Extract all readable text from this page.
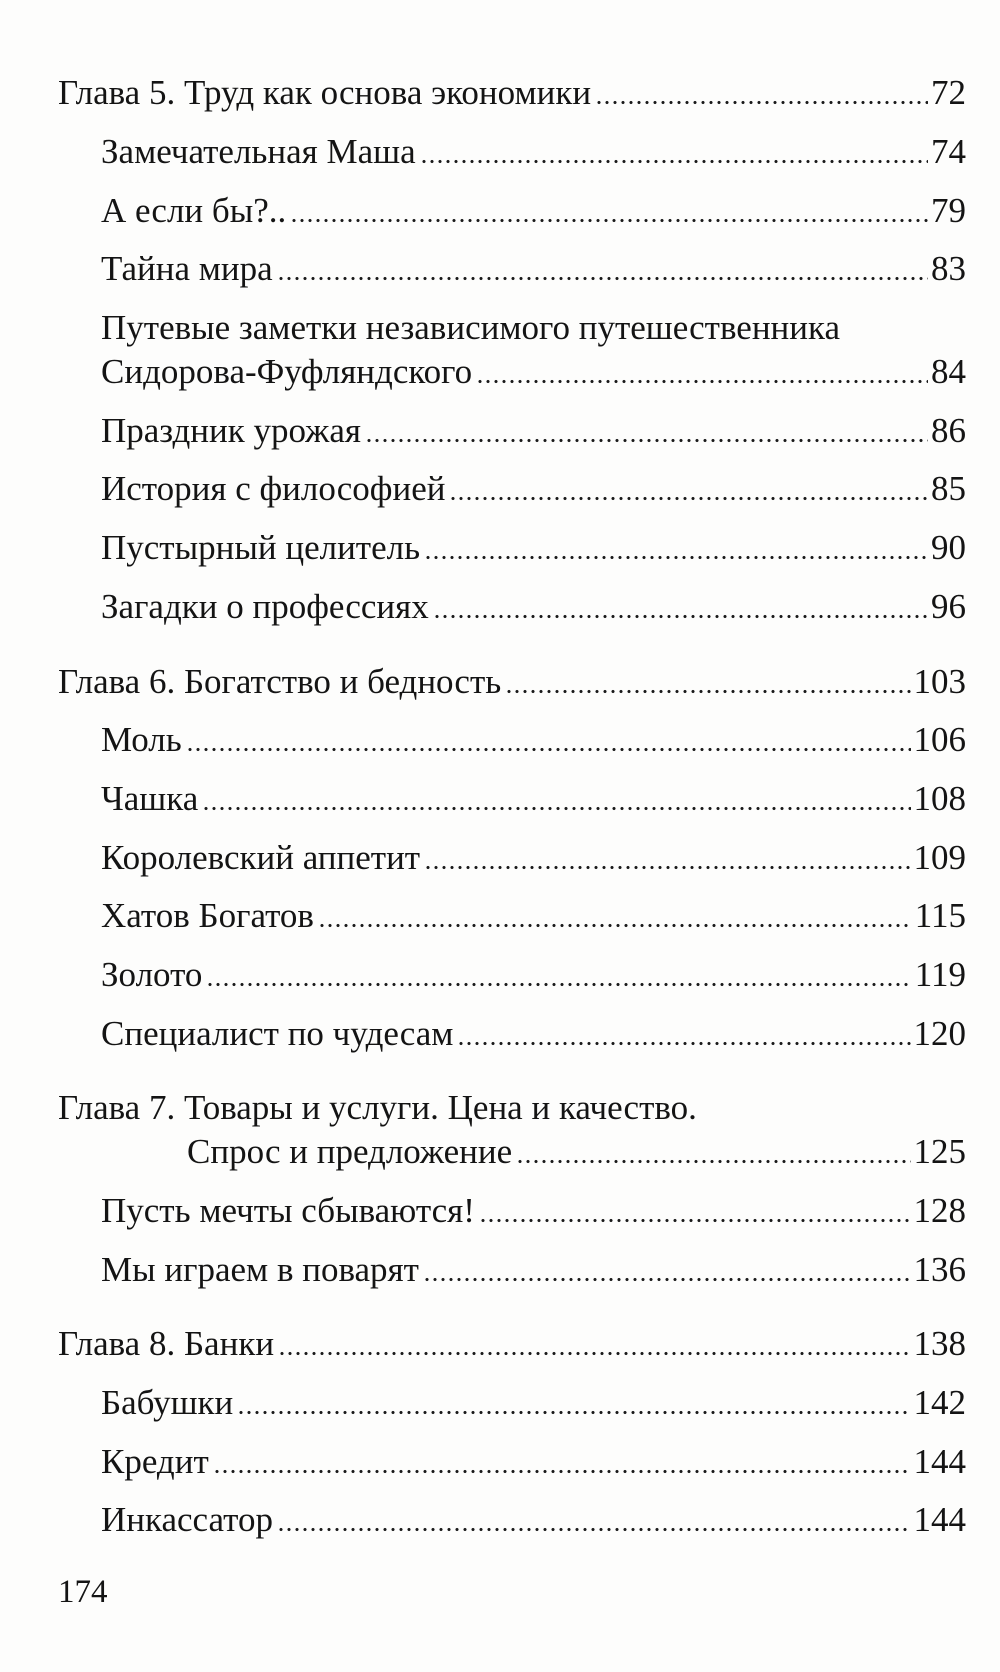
Глава 5. Труд как основа экономики	72
Замечательная Маша	74
А если бы?..	79
Тайна мира	83
Путевые заметки независимого путешественника
Сидорова-Фуфляндского	84
Праздник урожая	86
История с философией	85
Пустырный целитель	90
Загадки о профессиях	96
Глава 6. Богатство и бедность	103
Моль	106
Чашка	108
Королевский аппетит	109
Хатов Богатов	115
Золото	119
Специалист по чудесам	120
Глава 7. Товары и услуги. Цена и качество.
Спрос и предложение	125
Пусть мечты сбываются!	128
Мы играем в поварят	136
Глава 8. Банки	138
Бабушки	142
Кредит	144
Инкассатор	144
174
